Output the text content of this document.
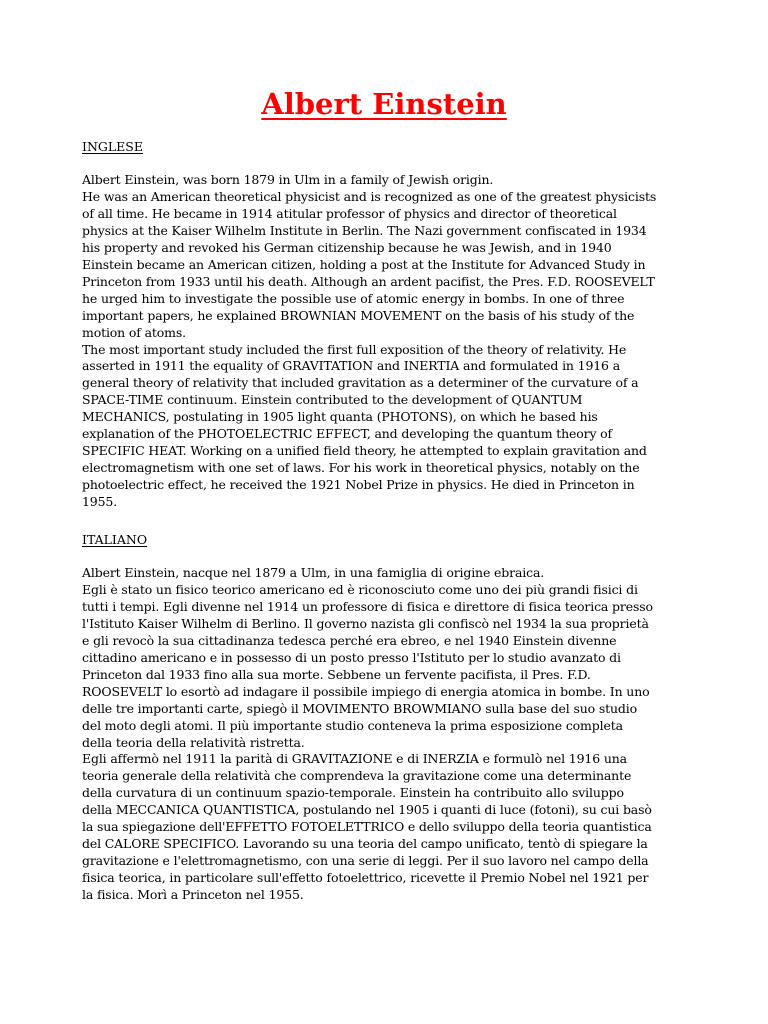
Albert Einstein
INGLESE

Albert Einstein, was born 1879 in Ulm in a family of Jewish origin.

He was an American theoretical physicist and is recognized as one of the greatest physicists

of all time. He became in 1914 atitular professor of physics and director of theoretical

physics at the Kaiser Wilhelm Institute in Berlin. The Nazi government confiscated in 1934

his property and revoked his German citizenship because he was Jewish, and in 1940

Einstein became an American citizen, holding a post at the Institute for Advanced Study in

Princeton from 1933 until his death. Although an ardent pacifist, the Pres. F.D. ROOSEVELT

he urged him to investigate the possible use of atomic energy in bombs. In one of three

important papers, he explained BROWNIAN MOVEMENT on the basis of his study of the

motion of atoms.

The most important study included the first full exposition of the theory of relativity. He

asserted in 1911 the equality of GRAVITATION and INERTIA and formulated in 1916 a

general theory of relativity that included gravitation as a determiner of the curvature of a

SPACE-TIME continuum. Einstein contributed to the development of QUANTUM

MECHANICS, postulating in 1905 light quanta (PHOTONS), on which he based his

explanation of the PHOTOELECTRIC EFFECT, and developing the quantum theory of

SPECIFIC HEAT. Working on a unified field theory, he attempted to explain gravitation and

electromagnetism with one set of laws. For his work in theoretical physics, notably on the

photoelectric effect, he received the 1921 Nobel Prize in physics. He died in Princeton in

1955.

ITALIANO

Albert Einstein, nacque nel 1879 a Ulm, in una famiglia di origine ebraica.

Egli è stato un fisico teorico americano ed è riconosciuto come uno dei più grandi fisici di

tutti i tempi. Egli divenne nel 1914 un professore di fisica e direttore di fisica teorica presso

l'Istituto Kaiser Wilhelm di Berlino. Il governo nazista gli confiscò nel 1934 la sua proprietà

e gli revocò la sua cittadinanza tedesca perché era ebreo, e nel 1940 Einstein divenne

cittadino americano e in possesso di un posto presso l'Istituto per lo studio avanzato di

Princeton dal 1933 fino alla sua morte. Sebbene un fervente pacifista, il Pres. F.D.

ROOSEVELT lo esortò ad indagare il possibile impiego di energia atomica in bombe. In uno

delle tre importanti carte, spiegò il MOVIMENTO BROWMIANO sulla base del suo studio

del moto degli atomi. Il più importante studio conteneva la prima esposizione completa

della teoria della relatività ristretta.

Egli affermò nel 1911 la parità di GRAVITAZIONE e di INERZIA e formulò nel 1916 una

teoria generale della relatività che comprendeva la gravitazione come una determinante

della curvatura di un continuum spazio-temporale. Einstein ha contribuito allo sviluppo

della MECCANICA QUANTISTICA, postulando nel 1905 i quanti di luce (fotoni), su cui basò

la sua spiegazione dell'EFFETTO FOTOELETTRICO e dello sviluppo della teoria quantistica

del CALORE SPECIFICO. Lavorando su una teoria del campo unificato, tentò di spiegare la

gravitazione e l'elettromagnetismo, con una serie di leggi. Per il suo lavoro nel campo della

fisica teorica, in particolare sull'effetto fotoelettrico, ricevette il Premio Nobel nel 1921 per

la fisica. Morì a Princeton nel 1955.
